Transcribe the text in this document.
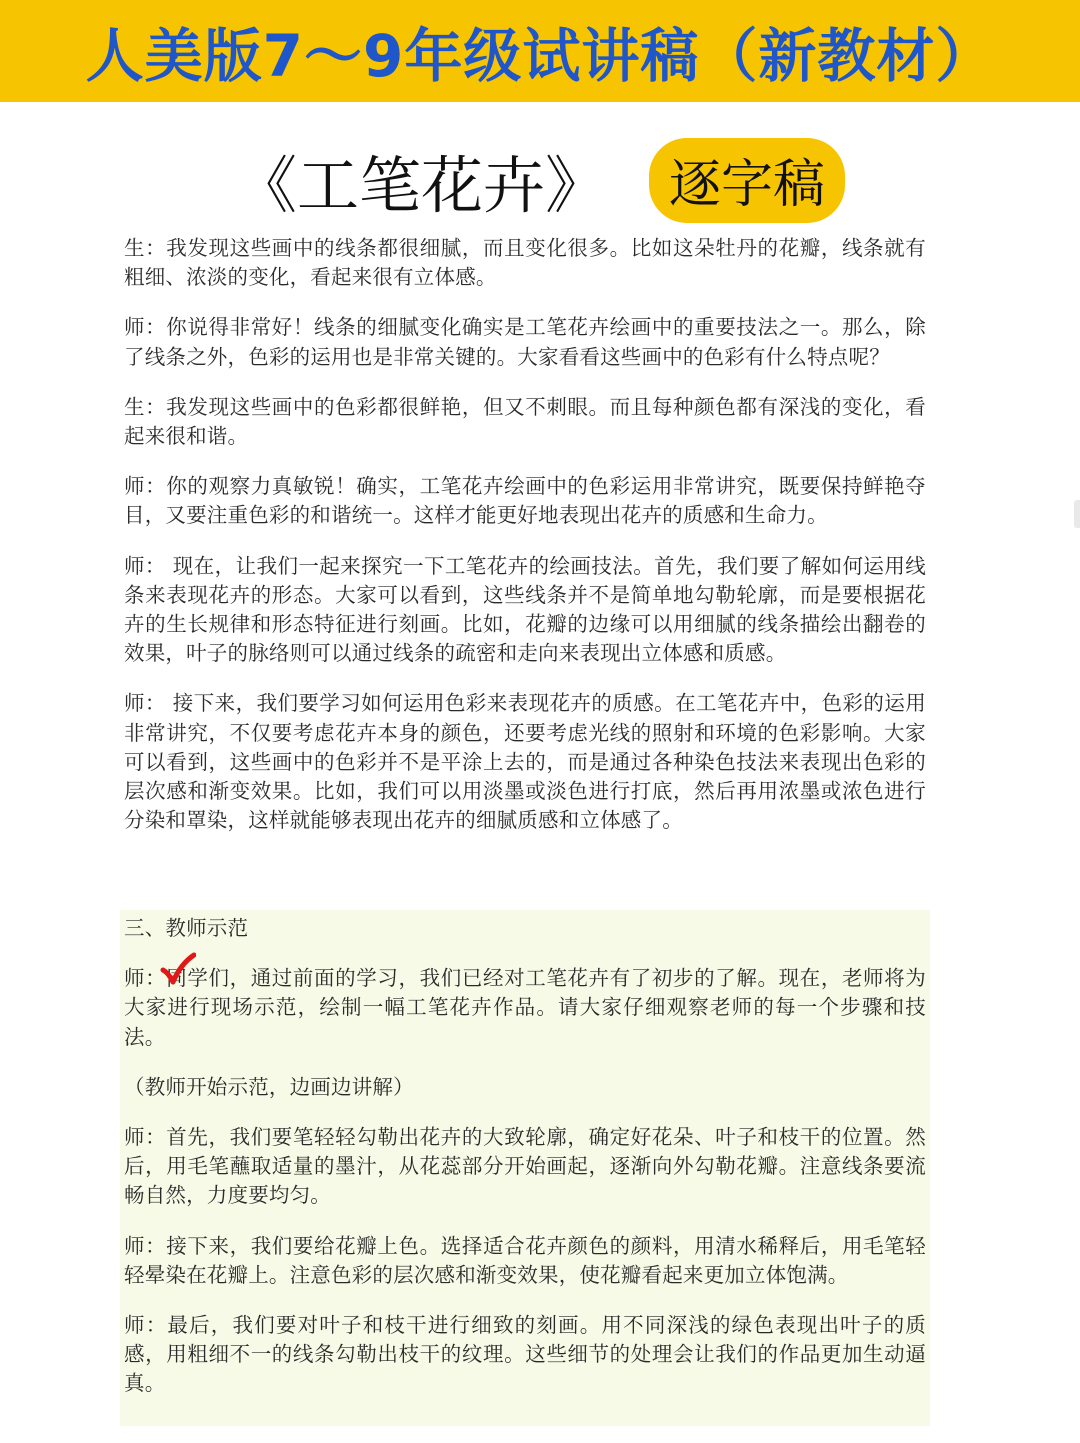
人美版7～9年级试讲稿（新教材）
《工笔花卉》	逐字稿

生：我发现这些画中的线条都很细腻，而且变化很多。比如这朵牡丹的花瓣，线条就有粗细、浓淡的变化，看起来很有立体感。

师：你说得非常好！线条的细腻变化确实是工笔花卉绘画中的重要技法之一。那么，除了线条之外，色彩的运用也是非常关键的。大家看看这些画中的色彩有什么特点呢？

生：我发现这些画中的色彩都很鲜艳，但又不刺眼。而且每种颜色都有深浅的变化，看起来很和谐。

师：你的观察力真敏锐！确实，工笔花卉绘画中的色彩运用非常讲究，既要保持鲜艳夺目，又要注重色彩的和谐统一。这样才能更好地表现出花卉的质感和生命力。

师： 现在，让我们一起来探究一下工笔花卉的绘画技法。首先，我们要了解如何运用线条来表现花卉的形态。大家可以看到，这些线条并不是简单地勾勒轮廓，而是要根据花卉的生长规律和形态特征进行刻画。比如，花瓣的边缘可以用细腻的线条描绘出翻卷的效果，叶子的脉络则可以通过线条的疏密和走向来表现出立体感和质感。

师： 接下来，我们要学习如何运用色彩来表现花卉的质感。在工笔花卉中，色彩的运用非常讲究，不仅要考虑花卉本身的颜色，还要考虑光线的照射和环境的色彩影响。大家可以看到，这些画中的色彩并不是平涂上去的，而是通过各种染色技法来表现出色彩的层次感和渐变效果。比如，我们可以用淡墨或淡色进行打底，然后再用浓墨或浓色进行分染和罩染，这样就能够表现出花卉的细腻质感和立体感了。

三、教师示范

师：同学们，通过前面的学习，我们已经对工笔花卉有了初步的了解。现在，老师将为大家进行现场示范，绘制一幅工笔花卉作品。请大家仔细观察老师的每一个步骤和技法。

（教师开始示范，边画边讲解）

师：首先，我们要笔轻轻勾勒出花卉的大致轮廓，确定好花朵、叶子和枝干的位置。然后，用毛笔蘸取适量的墨汁，从花蕊部分开始画起，逐渐向外勾勒花瓣。注意线条要流畅自然，力度要均匀。

师：接下来，我们要给花瓣上色。选择适合花卉颜色的颜料，用清水稀释后，用毛笔轻轻晕染在花瓣上。注意色彩的层次感和渐变效果，使花瓣看起来更加立体饱满。

师：最后，我们要对叶子和枝干进行细致的刻画。用不同深浅的绿色表现出叶子的质感，用粗细不一的线条勾勒出枝干的纹理。这些细节的处理会让我们的作品更加生动逼真。
